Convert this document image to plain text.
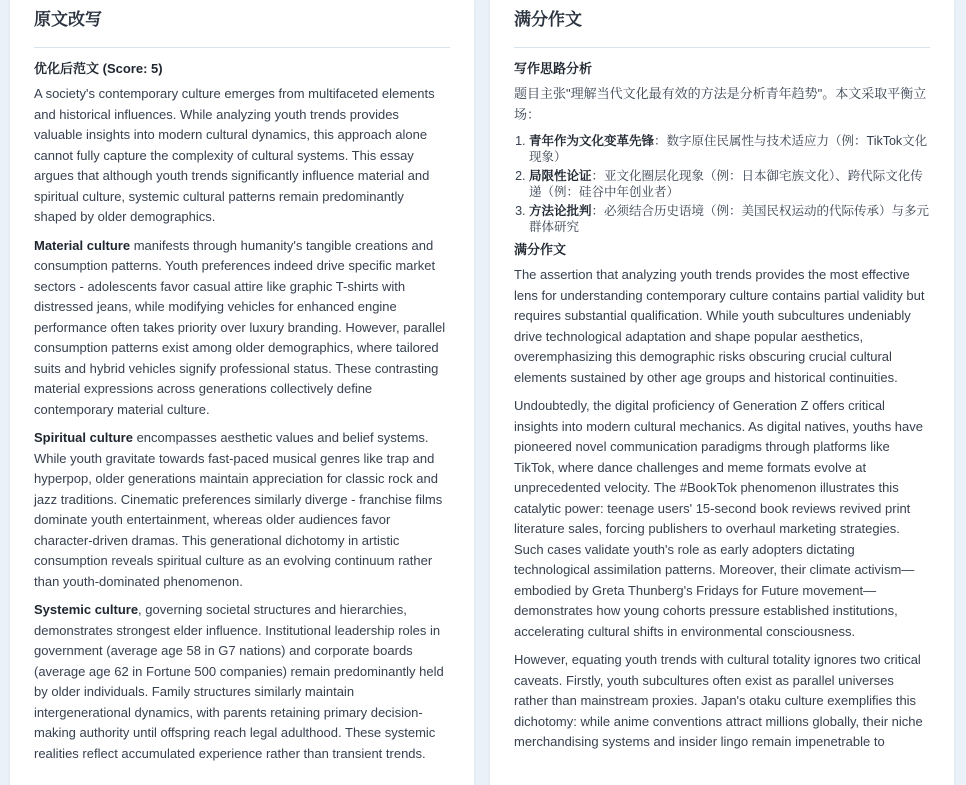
原文改写
优化后范文 (Score: 5)

A society's contemporary culture emerges from multifaceted elements and historical influences. While analyzing youth trends provides valuable insights into modern cultural dynamics, this approach alone cannot fully capture the complexity of cultural systems. This essay argues that although youth trends significantly influence material and spiritual culture, systemic cultural patterns remain predominantly shaped by older demographics.

Material culture manifests through humanity's tangible creations and consumption patterns. Youth preferences indeed drive specific market sectors - adolescents favor casual attire like graphic T-shirts with distressed jeans, while modifying vehicles for enhanced engine performance often takes priority over luxury branding. However, parallel consumption patterns exist among older demographics, where tailored suits and hybrid vehicles signify professional status. These contrasting material expressions across generations collectively define contemporary material culture.

Spiritual culture encompasses aesthetic values and belief systems. While youth gravitate towards fast-paced musical genres like trap and hyperpop, older generations maintain appreciation for classic rock and jazz traditions. Cinematic preferences similarly diverge - franchise films dominate youth entertainment, whereas older audiences favor character-driven dramas. This generational dichotomy in artistic consumption reveals spiritual culture as an evolving continuum rather than youth-dominated phenomenon.

Systemic culture, governing societal structures and hierarchies, demonstrates strongest elder influence. Institutional leadership roles in government (average age 58 in G7 nations) and corporate boards (average age 62 in Fortune 500 companies) remain predominantly held by older individuals. Family structures similarly maintain intergenerational dynamics, with parents retaining primary decision-making authority until offspring reach legal adulthood. These systemic realities reflect accumulated experience rather than transient trends.

满分作文
写作思路分析

题目主张"理解当代文化最有效的方法是分析青年趋势"。本文采取平衡立场：

1. 青年作为文化变革先锋：数字原住民属性与技术适应力（例：TikTok文化现象）
2. 局限性论证：亚文化圈层化现象（例：日本御宅族文化）、跨代际文化传递（例：硅谷中年创业者）
3. 方法论批判：必须结合历史语境（例：美国民权运动的代际传承）与多元群体研究
满分作文

The assertion that analyzing youth trends provides the most effective lens for understanding contemporary culture contains partial validity but requires substantial qualification. While youth subcultures undeniably drive technological adaptation and shape popular aesthetics, overemphasizing this demographic risks obscuring crucial cultural elements sustained by other age groups and historical continuities.

Undoubtedly, the digital proficiency of Generation Z offers critical insights into modern cultural mechanics. As digital natives, youths have pioneered novel communication paradigms through platforms like TikTok, where dance challenges and meme formats evolve at unprecedented velocity. The #BookTok phenomenon illustrates this catalytic power: teenage users' 15-second book reviews revived print literature sales, forcing publishers to overhaul marketing strategies. Such cases validate youth's role as early adopters dictating technological assimilation patterns. Moreover, their climate activism—embodied by Greta Thunberg's Fridays for Future movement—demonstrates how young cohorts pressure established institutions, accelerating cultural shifts in environmental consciousness.

However, equating youth trends with cultural totality ignores two critical caveats. Firstly, youth subcultures often exist as parallel universes rather than mainstream proxies. Japan's otaku culture exemplifies this dichotomy: while anime conventions attract millions globally, their niche merchandising systems and insider lingo remain impenetrable to
